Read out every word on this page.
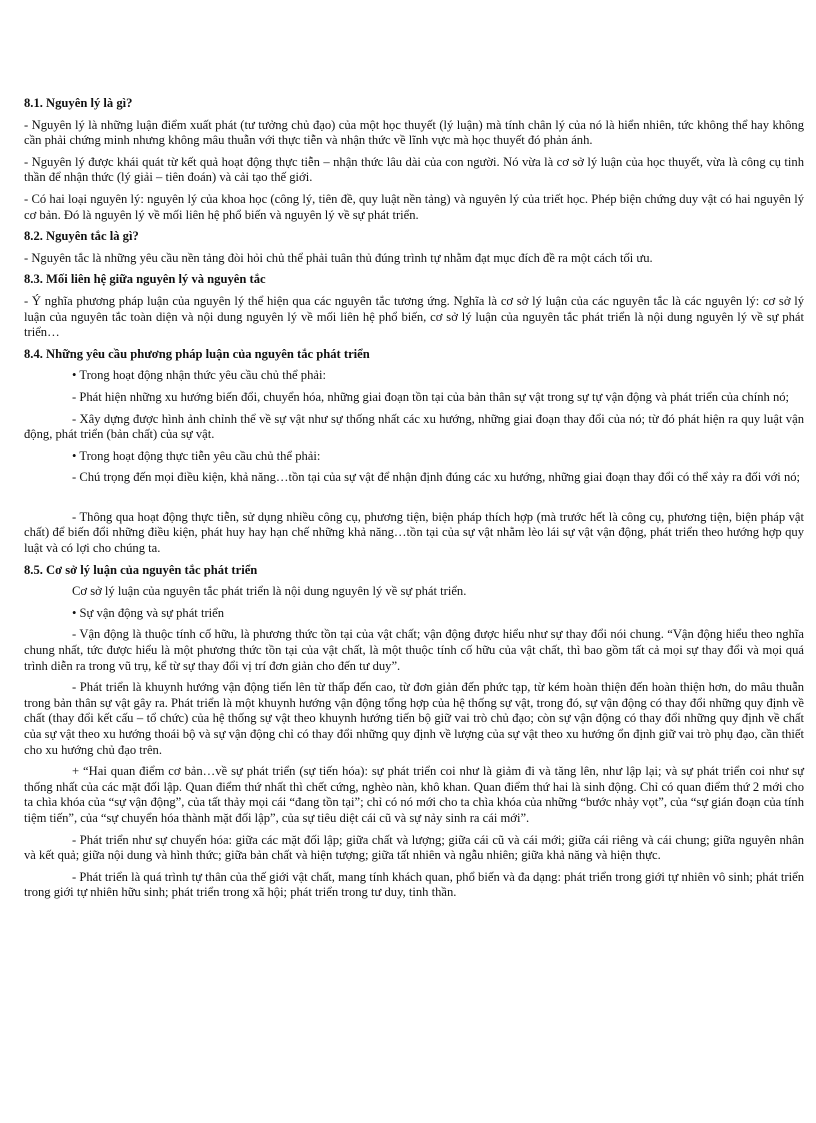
8.1. Nguyên lý là gì?

- Nguyên lý là những luận điểm xuất phát (tư tưởng chủ đạo) của một học thuyết (lý luận) mà tính chân lý của nó là hiển nhiên, tức không thể hay không cần phải chứng minh nhưng không mâu thuẫn với thực tiễn và nhận thức về lĩnh vực mà học thuyết đó phản ánh.

- Nguyên lý được khái quát từ kết quả hoạt động thực tiễn – nhận thức lâu dài của con người. Nó vừa là cơ sở lý luận của học thuyết, vừa là công cụ tinh thần để nhận thức (lý giải – tiên đoán) và cải tạo thế giới.

- Có hai loại nguyên lý: nguyên lý của khoa học (công lý, tiên đề, quy luật nền tảng) và nguyên lý của triết học. Phép biện chứng duy vật có hai nguyên lý cơ bản. Đó là nguyên lý về mối liên hệ phổ biến và nguyên lý về sự phát triển.

8.2. Nguyên tắc là gì?

- Nguyên tắc là những yêu cầu nền tảng đòi hỏi chủ thể phải tuân thủ đúng trình tự nhằm đạt mục đích đề ra một cách tối ưu.

8.3. Mối liên hệ giữa nguyên lý và nguyên tắc

- Ý nghĩa phương pháp luận của nguyên lý thể hiện qua các nguyên tắc tương ứng. Nghĩa là cơ sở lý luận của các nguyên tắc là các nguyên lý: cơ sở lý luận của nguyên tắc toàn diện và nội dung nguyên lý về mối liên hệ phổ biến, cơ sở lý luận của nguyên tắc phát triển là nội dung nguyên lý về sự phát triển…

8.4. Những yêu cầu phương pháp luận của nguyên tắc phát triển

• Trong hoạt động nhận thức yêu cầu chủ thể phải:

- Phát hiện những xu hướng biến đổi, chuyển hóa, những giai đoạn tồn tại của bản thân sự vật trong sự tự vận động và phát triển của chính nó;

- Xây dựng được hình ảnh chỉnh thể về sự vật như sự thống nhất các xu hướng, những giai đoạn thay đổi của nó; từ đó phát hiện ra quy luật vận động, phát triển (bản chất) của sự vật.

• Trong hoạt động thực tiễn yêu cầu chủ thể phải:

- Chú trọng đến mọi điều kiện, khả năng…tồn tại của sự vật để nhận định đúng các xu hướng, những giai đoạn thay đổi có thể xảy ra đối với nó;

- Thông qua hoạt động thực tiễn, sử dụng nhiều công cụ, phương tiện, biện pháp thích hợp (mà trước hết là công cụ, phương tiện, biện pháp vật chất) để biến đổi những điều kiện, phát huy hay hạn chế những khả năng…tồn tại của sự vật nhằm lèo lái sự vật vận động, phát triển theo hướng hợp quy luật và có lợi cho chúng ta.

8.5. Cơ sở lý luận của nguyên tắc phát triển

Cơ sở lý luận của nguyên tắc phát triển là nội dung nguyên lý về sự phát triển.

• Sự vận động và sự phát triển

- Vận động là thuộc tính cố hữu, là phương thức tồn tại của vật chất; vận động được hiểu như sự thay đổi nói chung. “Vận động hiểu theo nghĩa chung nhất, tức được hiểu là một phương thức tồn tại của vật chất, là một thuộc tính cố hữu của vật chất, thì bao gồm tất cả mọi sự thay đổi và mọi quá trình diễn ra trong vũ trụ, kể từ sự thay đổi vị trí đơn giản cho đến tư duy”.

- Phát triển là khuynh hướng vận động tiến lên từ thấp đến cao, từ đơn giản đến phức tạp, từ kém hoàn thiện đến hoàn thiện hơn, do mâu thuẫn trong bản thân sự vật gây ra. Phát triển là một khuynh hướng vận động tổng hợp của hệ thống sự vật, trong đó, sự vận động có thay đổi những quy định về chất (thay đổi kết cấu – tổ chức) của hệ thống sự vật theo khuynh hướng tiến bộ giữ vai trò chủ đạo; còn sự vận động có thay đổi những quy định về chất của sự vật theo xu hướng thoái bộ và sự vận động chỉ có thay đổi những quy định về lượng của sự vật theo xu hướng ổn định giữ vai trò phụ đạo, cần thiết cho xu hướng chủ đạo trên.

+ “Hai quan điểm cơ bản…về sự phát triển (sự tiến hóa): sự phát triển coi như là giảm đi và tăng lên, như lập lại; và sự phát triển coi như sự thống nhất của các mặt đối lập. Quan điểm thứ nhất thì chết cứng, nghèo nàn, khô khan. Quan điểm thứ hai là sinh động. Chỉ có quan điểm thứ 2 mới cho ta chìa khóa của “sự vận động”, của tất thảy mọi cái “đang tồn tại”; chỉ có nó mới cho ta chìa khóa của những “bước nhảy vọt”, của “sự gián đoạn của tính tiệm tiến”, của “sự chuyển hóa thành mặt đối lập”, của sự tiêu diệt cái cũ và sự nảy sinh ra cái mới”.

- Phát triển như sự chuyển hóa: giữa các mặt đối lập; giữa chất và lượng; giữa cái cũ và cái mới; giữa cái riêng và cái chung; giữa nguyên nhân và kết quả; giữa nội dung và hình thức; giữa bản chất và hiện tượng; giữa tất nhiên và ngẫu nhiên; giữa khả năng và hiện thực.

- Phát triển là quá trình tự thân của thế giới vật chất, mang tính khách quan, phổ biến và đa dạng: phát triển trong giới tự nhiên vô sinh; phát triển trong giới tự nhiên hữu sinh; phát triển trong xã hội; phát triển trong tư duy, tinh thần.
